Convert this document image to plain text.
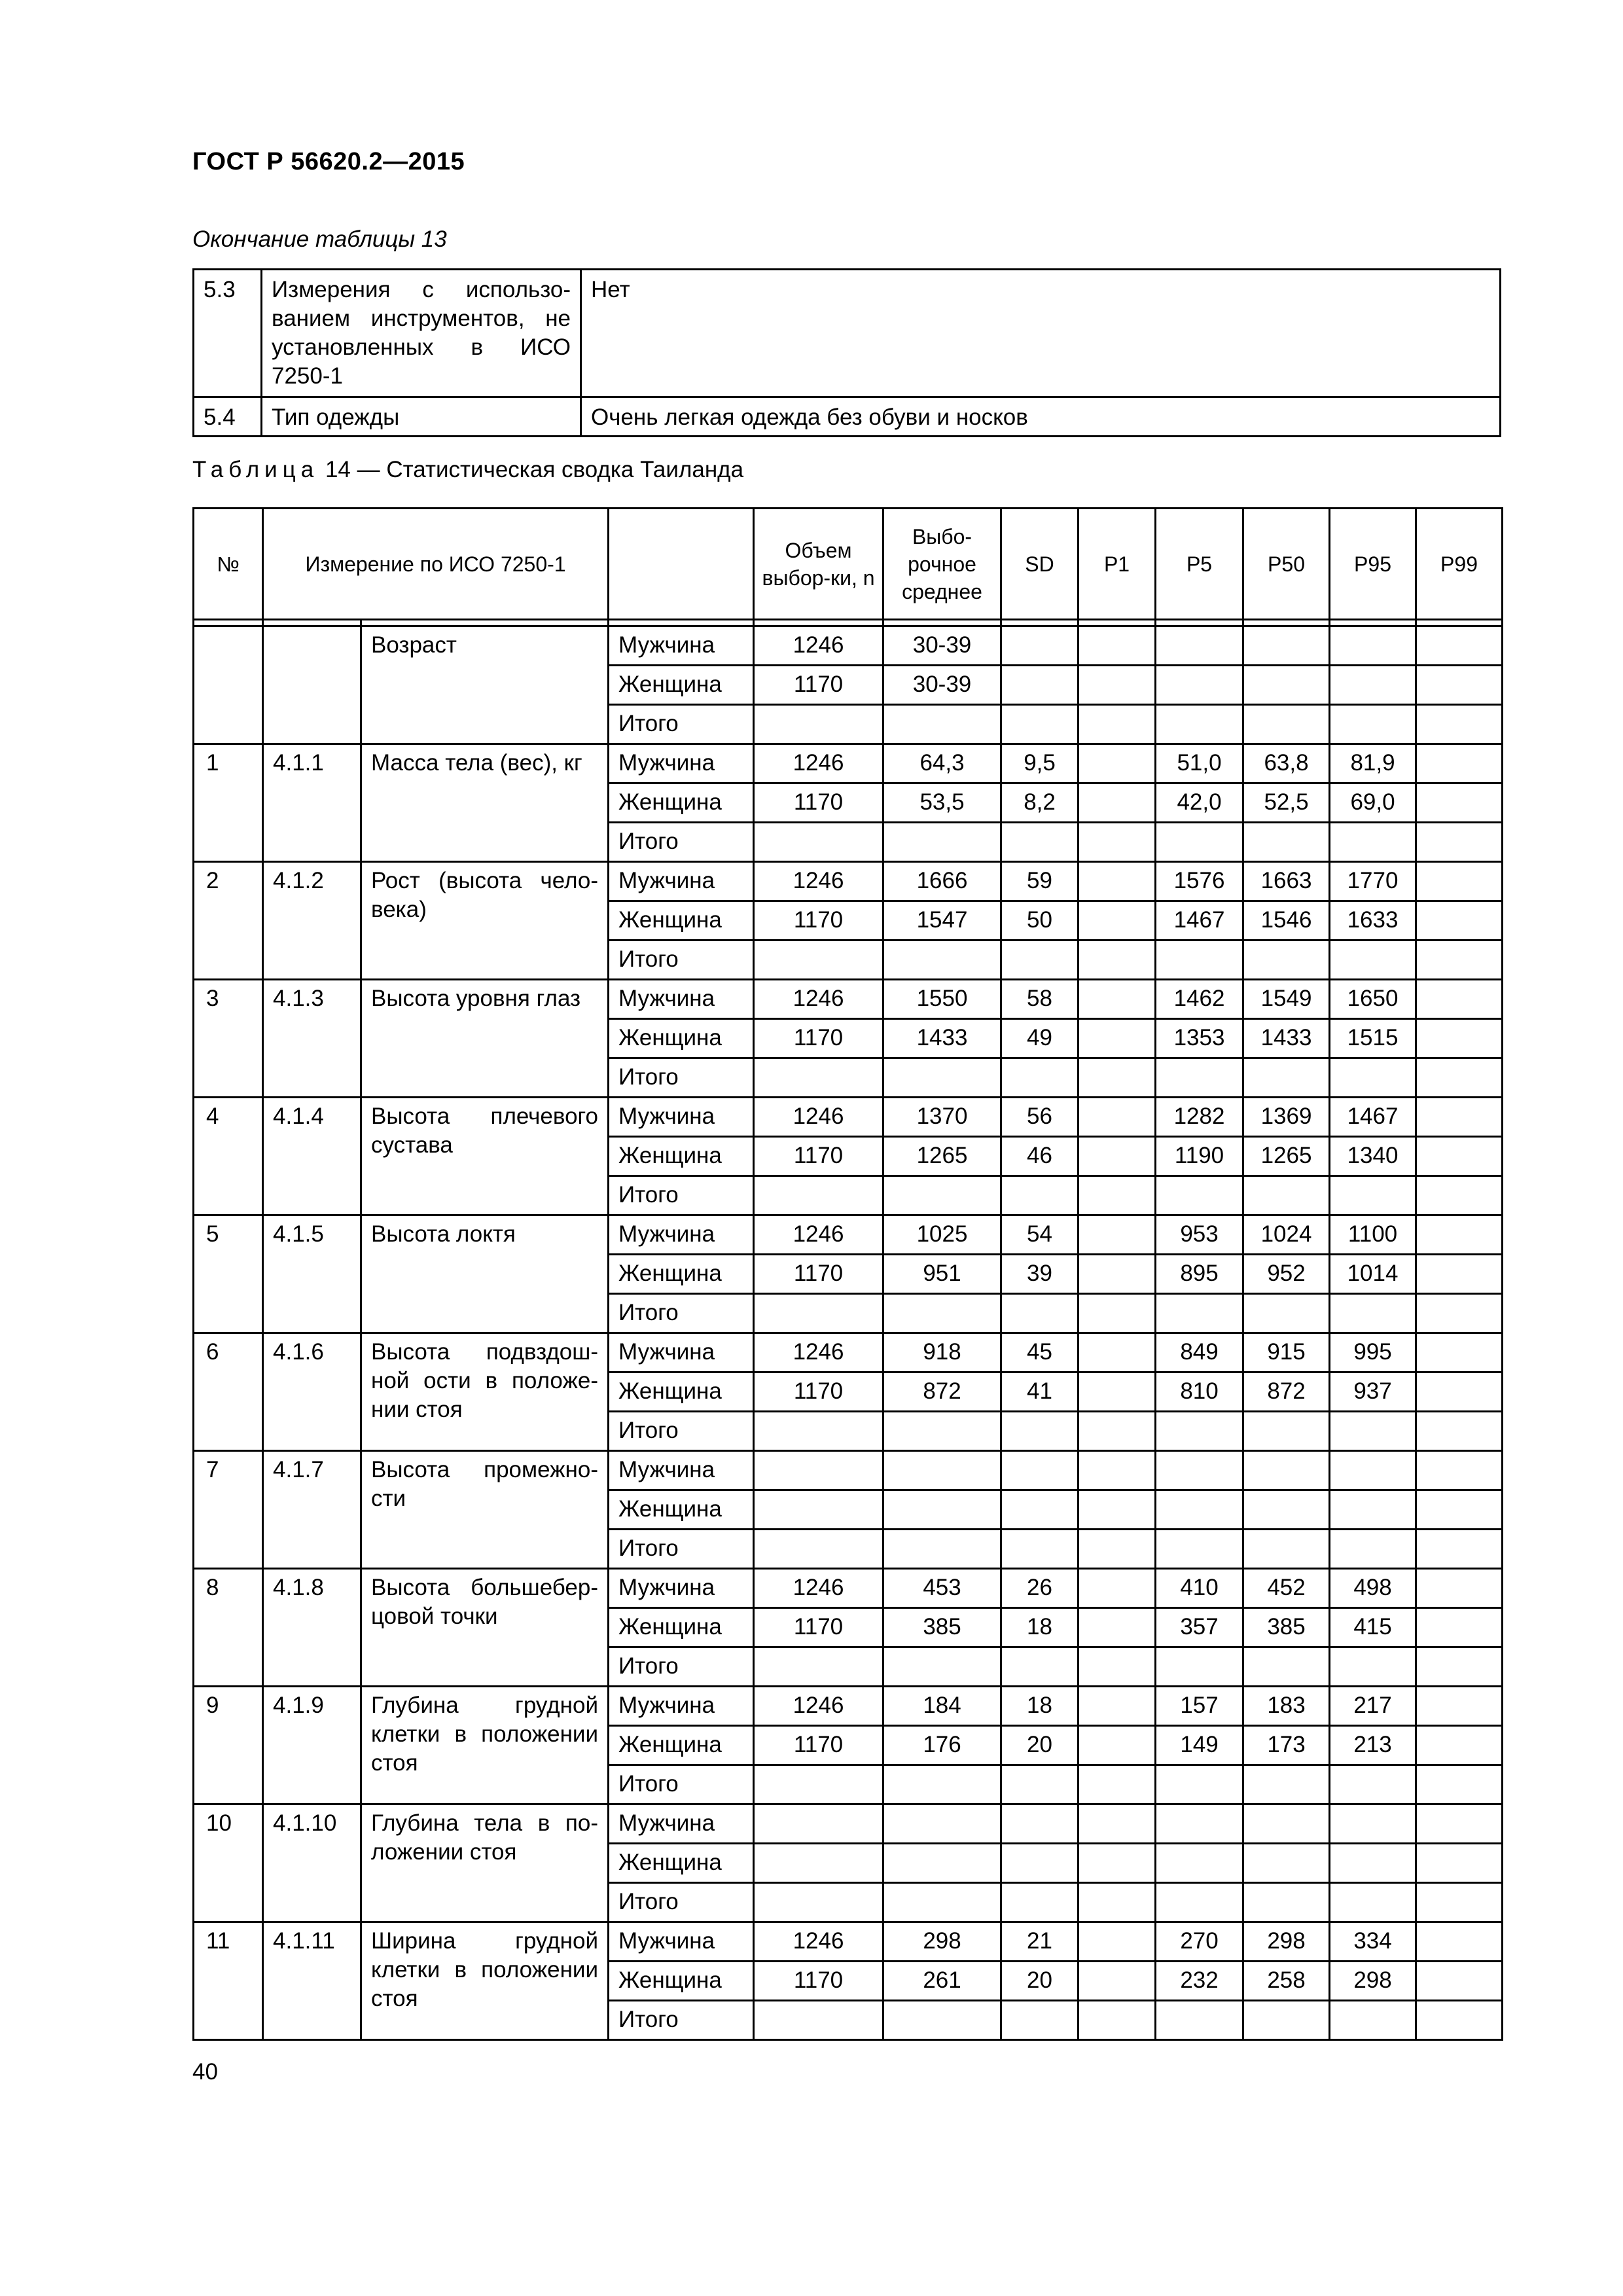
ГОСТ Р 56620.2—2015
Окончание таблицы 13
5.3	Измерения с использо-ванием инструментов, не установленных в ИСО 7250-1	Нет
5.4	Тип одежды	Очень легкая одежда без обуви и носков
Таблица 14 — Статистическая сводка Таиланда
№	Измерение по ИСО 7250-1			Объем выбор-ки, n	Выбо-рочное среднее	SD	P1	P5	P50	P95	P99

		Возраст	Мужчина	1246	30-39						
			Женщина	1170	30-39						
			Итого								
1	4.1.1	Масса тела (вес), кг	Мужчина	1246	64,3	9,5		51,0	63,8	81,9	
			Женщина	1170	53,5	8,2		42,0	52,5	69,0	
			Итого								
2	4.1.2	Рост (высота чело-века)	Мужчина	1246	1666	59		1576	1663	1770	
			Женщина	1170	1547	50		1467	1546	1633	
			Итого								
3	4.1.3	Высота уровня глаз	Мужчина	1246	1550	58		1462	1549	1650	
			Женщина	1170	1433	49		1353	1433	1515	
			Итого								
4	4.1.4	Высота плечевого сустава	Мужчина	1246	1370	56		1282	1369	1467	
			Женщина	1170	1265	46		1190	1265	1340	
			Итого								
5	4.1.5	Высота локтя	Мужчина	1246	1025	54		953	1024	1100	
			Женщина	1170	951	39		895	952	1014	
			Итого								
6	4.1.6	Высота подвздош-ной ости в положе-нии стоя	Мужчина	1246	918	45		849	915	995	
			Женщина	1170	872	41		810	872	937	
			Итого								
7	4.1.7	Высота промежно-сти	Мужчина								
			Женщина								
			Итого								
8	4.1.8	Высота большебер-цовой точки	Мужчина	1246	453	26		410	452	498	
			Женщина	1170	385	18		357	385	415	
			Итого								
9	4.1.9	Глубина грудной клетки в положении стоя	Мужчина	1246	184	18		157	183	217	
			Женщина	1170	176	20		149	173	213	
			Итого								
10	4.1.10	Глубина тела в по-ложении стоя	Мужчина								
			Женщина								
			Итого								
11	4.1.11	Ширина грудной клетки в положении стоя	Мужчина	1246	298	21		270	298	334	
			Женщина	1170	261	20		232	258	298	
			Итого								
40
